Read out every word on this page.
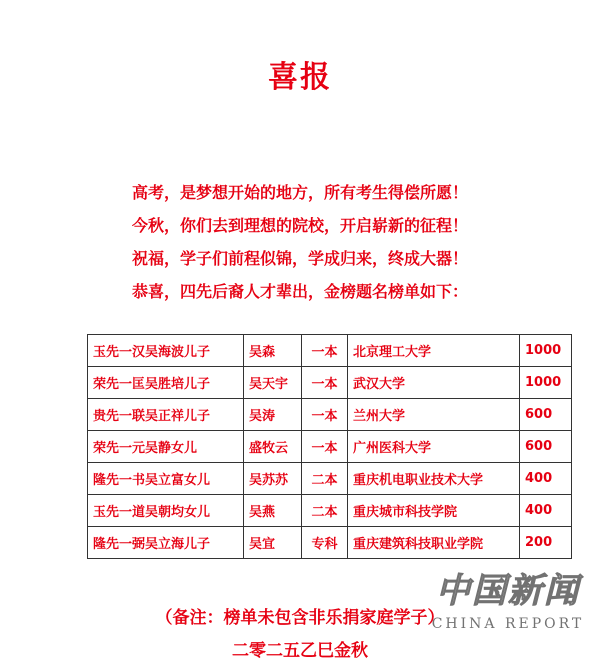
喜报
高考，是梦想开始的地方，所有考生得偿所愿！
今秋，你们去到理想的院校，开启崭新的征程！
祝福，学子们前程似锦，学成归来，终成大器！
恭喜，四先后裔人才辈出，金榜题名榜单如下：
玉先一汉吴海波儿子	吴森	一本	北京理工大学	1000
荣先一匡吴胜培儿子	吴天宇	一本	武汉大学	1000
贵先一联吴正祥儿子	吴涛	一本	兰州大学	600
荣先一元吴静女儿	盛牧云	一本	广州医科大学	600
隆先一书吴立富女儿	吴苏苏	二本	重庆机电职业技术大学	400
玉先一道吴朝均女儿	吴燕	二本	重庆城市科技学院	400
隆先一弼吴立海儿子	吴宜	专科	重庆建筑科技职业学院	200
（备注：榜单未包含非乐捐家庭学子）
二零二五乙巳金秋
中国新闻
CHINA REPORT
